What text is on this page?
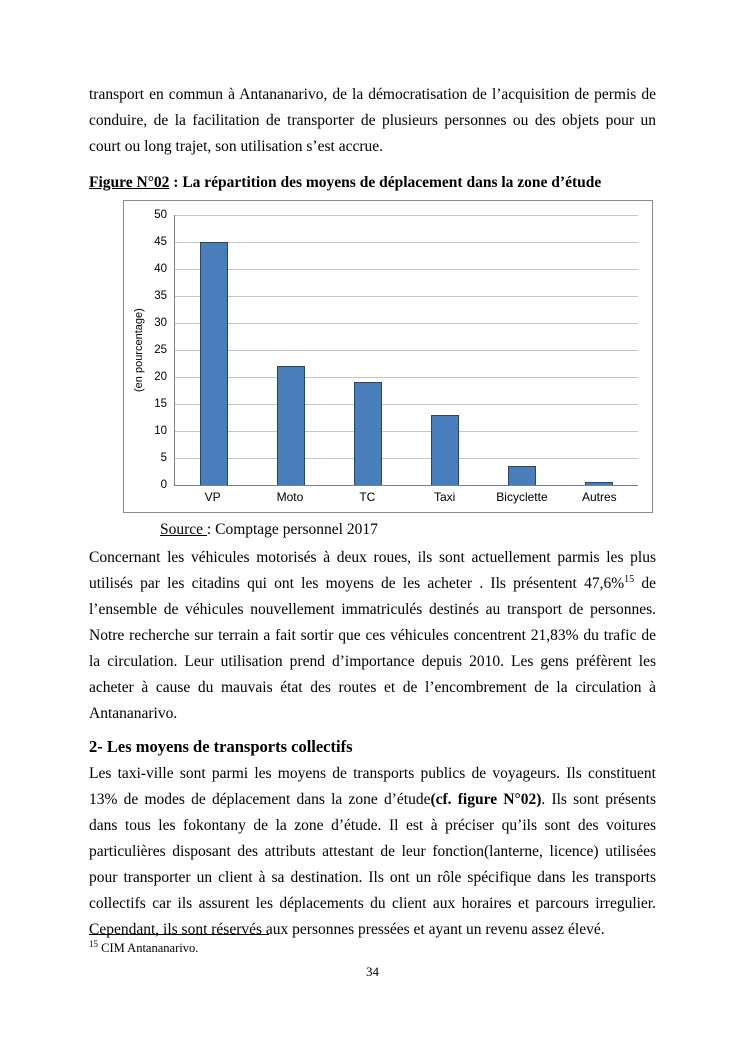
transport en commun à Antananarivo, de la démocratisation de l’acquisition de permis de conduire, de la facilitation de transporter de plusieurs personnes ou des objets pour un court ou long trajet, son utilisation s’est accrue.

Figure N°02 : La répartition des moyens de déplacement dans la zone d’étude

(en pourcentage)
0
5
10
15
20
25
30
35
40
45
50
VP	Moto	TC	Taxi	Bicyclette	Autres

Source : Comptage personnel 2017

Concernant les véhicules motorisés à deux roues, ils sont actuellement parmis les plus utilisés par les citadins qui ont les moyens de les acheter . Ils présentent 47,6%$^{15}$ de l’ensemble de véhicules nouvellement immatriculés destinés au transport de personnes. Notre recherche sur terrain a fait sortir que ces véhicules concentrent 21,83% du trafic de la circulation. Leur utilisation prend d’importance depuis 2010. Les gens préfèrent les acheter à cause du mauvais état des routes et de l’encombrement de la circulation à Antananarivo.

2- Les moyens de transports collectifs

Les taxi-ville sont parmi les moyens de transports publics de voyageurs. Ils constituent 13% de modes de déplacement dans la zone d’étude(cf. figure N°02). Ils sont présents dans tous les fokontany de la zone d’étude. Il est à préciser qu’ils sont des voitures particulières disposant des attributs attestant de leur fonction(lanterne, licence) utilisées pour transporter un client à sa destination. Ils ont un rôle spécifique dans les transports collectifs car ils assurent les déplacements du client aux horaires et parcours irregulier. Cependant, ils sont réservés aux personnes pressées et ayant un revenu assez élevé.

$^{15}$ CIM Antananarivo.
34
